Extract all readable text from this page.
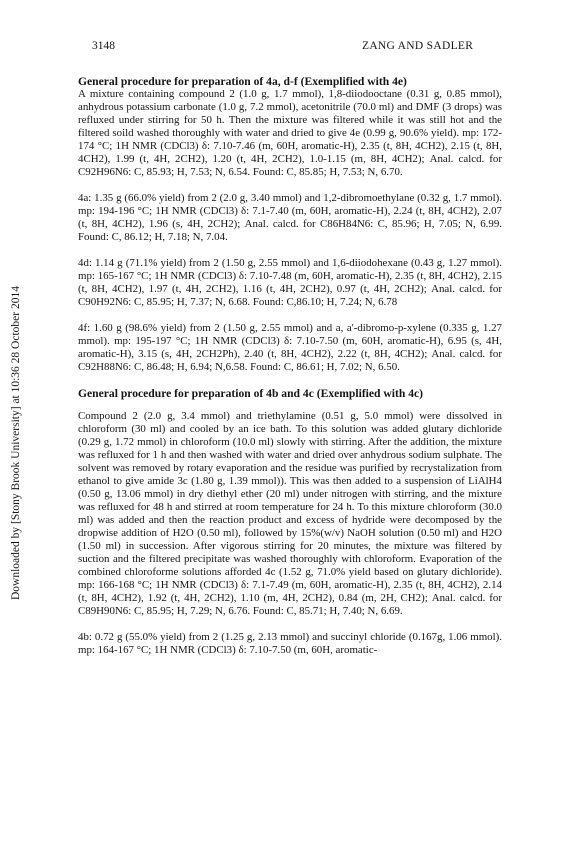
3148	ZANG AND SADLER
Downloaded by [Stony Brook University] at 10:36 28 October 2014

General procedure for preparation of 4a, d-f (Exemplified with 4e)

A mixture containing compound 2 (1.0 g, 1.7 mmol), 1,8-diiodooctane (0.31 g, 0.85 mmol), anhydrous potassium carbonate (1.0 g, 7.2 mmol), acetonitrile (70.0 ml) and DMF (3 drops) was refluxed under stirring for 50 h. Then the mixture was filtered while it was still hot and the filtered soild washed thoroughly with water and dried to give 4e (0.99 g, 90.6% yield). mp: 172-174 °C; 1H NMR (CDCl3) δ: 7.10-7.46 (m, 60H, aromatic-H), 2.35 (t, 8H, 4CH2), 2.15 (t, 8H, 4CH2), 1.99 (t, 4H, 2CH2), 1.20 (t, 4H, 2CH2), 1.0-1.15 (m, 8H, 4CH2); Anal. calcd. for C92H96N6: C, 85.93; H, 7.53; N, 6.54. Found: C, 85.85; H, 7.53; N, 6.70.

4a: 1.35 g (66.0% yield) from 2 (2.0 g, 3.40 mmol) and 1,2-dibromoethylane (0.32 g, 1.7 mmol). mp: 194-196 °C; 1H NMR (CDCl3) δ: 7.1-7.40 (m, 60H, aromatic-H), 2.24 (t, 8H, 4CH2), 2.07 (t, 8H, 4CH2), 1.96 (s, 4H, 2CH2); Anal. calcd. for C86H84N6: C, 85.96; H, 7.05; N, 6.99. Found: C, 86.12; H, 7.18; N, 7.04.

4d: 1.14 g (71.1% yield) from 2 (1.50 g, 2.55 mmol) and 1,6-diiodohexane (0.43 g, 1.27 mmol). mp: 165-167 °C; 1H NMR (CDCl3) δ: 7.10-7.48 (m, 60H, aromatic-H), 2.35 (t, 8H, 4CH2), 2.15 (t, 8H, 4CH2), 1.97 (t, 4H, 2CH2), 1.16 (t, 4H, 2CH2), 0.97 (t, 4H, 2CH2); Anal. calcd. for C90H92N6: C, 85.95; H, 7.37; N, 6.68. Found: C,86.10; H, 7.24; N, 6.78

4f: 1.60 g (98.6% yield) from 2 (1.50 g, 2.55 mmol) and a, a'-dibromo-p-xylene (0.335 g, 1.27 mmol). mp: 195-197 °C; 1H NMR (CDCl3) δ: 7.10-7.50 (m, 60H, aromatic-H), 6.95 (s, 4H, aromatic-H), 3.15 (s, 4H, 2CH2Ph), 2.40 (t, 8H, 4CH2), 2.22 (t, 8H, 4CH2); Anal. calcd. for C92H88N6: C, 86.48; H, 6.94; N,6.58. Found: C, 86.61; H, 7.02; N, 6.50.

General procedure for preparation of 4b and 4c (Exemplified with 4c)

Compound 2 (2.0 g, 3.4 mmol) and triethylamine (0.51 g, 5.0 mmol) were dissolved in chloroform (30 ml) and cooled by an ice bath. To this solution was added glutary dichloride (0.29 g, 1.72 mmol) in chloroform (10.0 ml) slowly with stirring. After the addition, the mixture was refluxed for 1 h and then washed with water and dried over anhydrous sodium sulphate. The solvent was removed by rotary evaporation and the residue was purified by recrystalization from ethanol to give amide 3c (1.80 g, 1.39 mmol)). This was then added to a suspension of LiAlH4 (0.50 g, 13.06 mmol) in dry diethyl ether (20 ml) under nitrogen with stirring, and the mixture was refluxed for 48 h and stirred at room temperature for 24 h. To this mixture chloroform (30.0 ml) was added and then the reaction product and excess of hydride were decomposed by the dropwise addition of H2O (0.50 ml), followed by 15%(w/v) NaOH solution (0.50 ml) and H2O (1.50 ml) in succession. After vigorous stirring for 20 minutes, the mixture was filtered by suction and the filtered precipitate was washed thoroughly with chloroform. Evaporation of the combined chloroforme solutions afforded 4c (1.52 g, 71.0% yield based on glutary dichloride). mp: 166-168 °C; 1H NMR (CDCl3) δ: 7.1-7.49 (m, 60H, aromatic-H), 2.35 (t, 8H, 4CH2), 2.14 (t, 8H, 4CH2), 1.92 (t, 4H, 2CH2), 1.10 (m, 4H, 2CH2), 0.84 (m, 2H, CH2); Anal. calcd. for C89H90N6: C, 85.95; H, 7.29; N, 6.76. Found: C, 85.71; H, 7.40; N, 6.69.

4b: 0.72 g (55.0% yield) from 2 (1.25 g, 2.13 mmol) and succinyl chloride (0.167g, 1.06 mmol). mp: 164-167 °C; 1H NMR (CDCl3) δ: 7.10-7.50 (m, 60H, aromatic-
